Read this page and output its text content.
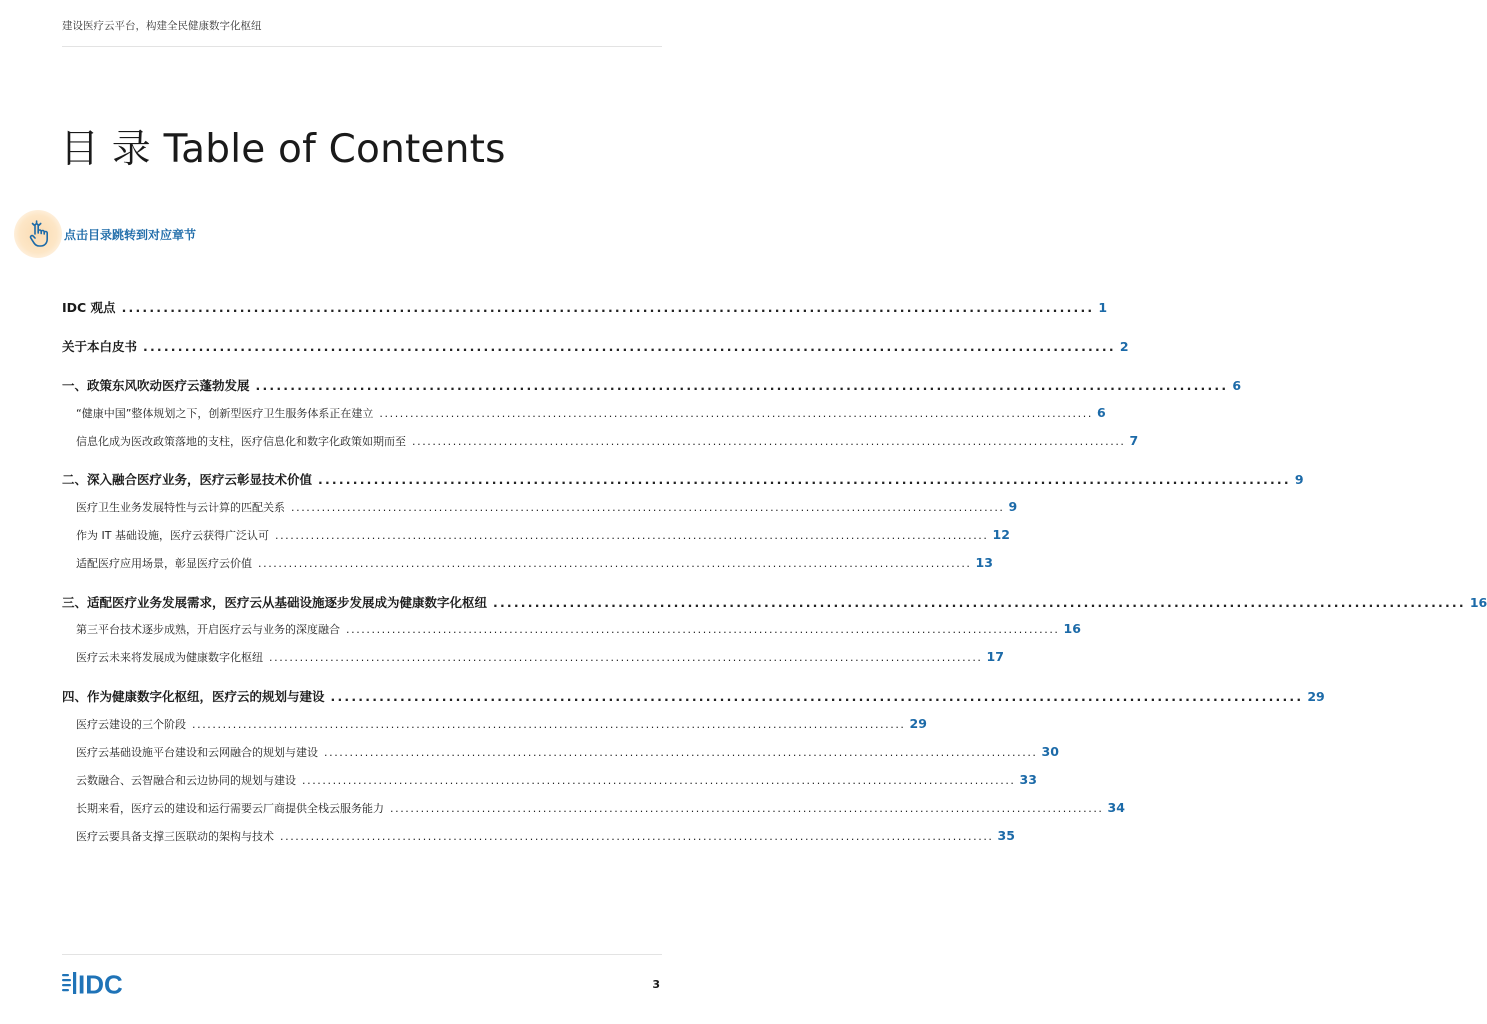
建设医疗云平台，构建全民健康数字化枢纽
目 录 Table of Contents
点击目录跳转到对应章节
IDC 观点 ............................................................................................................................................ 1
关于本白皮书 ............................................................................................................................................ 2
一、政策东风吹动医疗云蓬勃发展 ............................................................................................................................................ 6
“健康中国”整体规划之下，创新型医疗卫生服务体系正在建立 ............................................................................................................................................ 6
信息化成为医改政策落地的支柱，医疗信息化和数字化政策如期而至 ............................................................................................................................................ 7
二、深入融合医疗业务，医疗云彰显技术价值 ............................................................................................................................................ 9
医疗卫生业务发展特性与云计算的匹配关系 ............................................................................................................................................ 9
作为 IT 基础设施，医疗云获得广泛认可 ............................................................................................................................................ 12
适配医疗应用场景，彰显医疗云价值 ............................................................................................................................................ 13
三、适配医疗业务发展需求，医疗云从基础设施逐步发展成为健康数字化枢纽 ............................................................................................................................................ 16
第三平台技术逐步成熟，开启医疗云与业务的深度融合 ............................................................................................................................................ 16
医疗云未来将发展成为健康数字化枢纽 ............................................................................................................................................ 17
四、作为健康数字化枢纽，医疗云的规划与建设 ............................................................................................................................................ 29
医疗云建设的三个阶段 ............................................................................................................................................ 29
医疗云基础设施平台建设和云网融合的规划与建设 ............................................................................................................................................ 30
云数融合、云智融合和云边协同的规划与建设 ............................................................................................................................................ 33
长期来看，医疗云的建设和运行需要云厂商提供全栈云服务能力 ............................................................................................................................................ 34
医疗云要具备支撑三医联动的架构与技术 ............................................................................................................................................ 35
IDC	3
